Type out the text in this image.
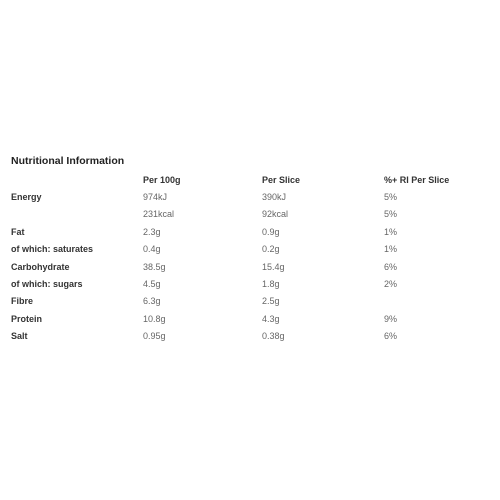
Nutritional Information
	Per 100g	Per Slice	%+ RI Per Slice
Energy	974kJ	390kJ	5%
	231kcal	92kcal	5%
Fat	2.3g	0.9g	1%
of which: saturates	0.4g	0.2g	1%
Carbohydrate	38.5g	15.4g	6%
of which: sugars	4.5g	1.8g	2%
Fibre	6.3g	2.5g	
Protein	10.8g	4.3g	9%
Salt	0.95g	0.38g	6%
